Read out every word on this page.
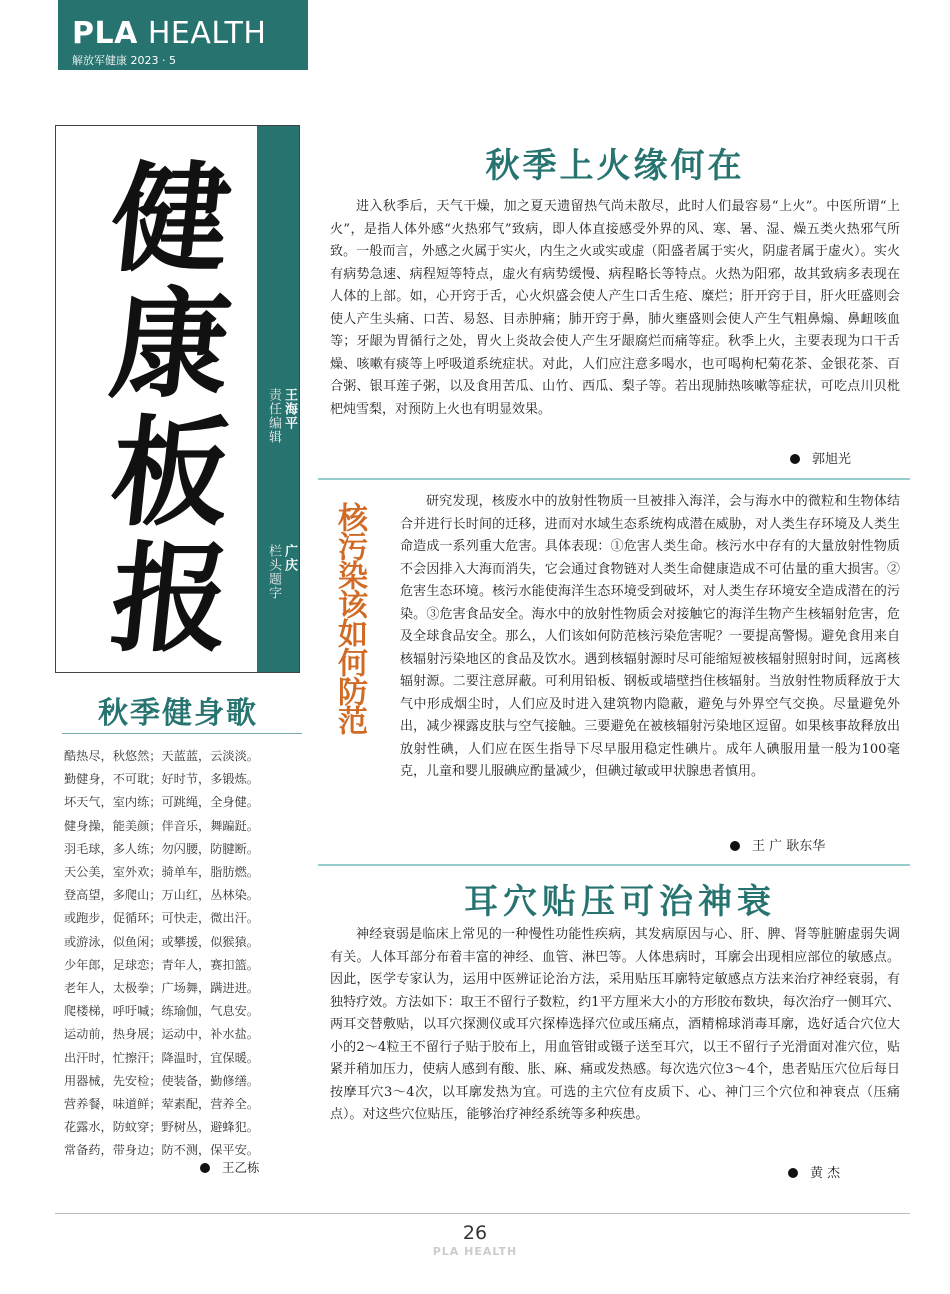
PLA HEALTH
解放军健康 2023 · 5
健
康
板
报
责任编辑 王海平
栏头题字 广庆
秋季健身歌
酷热尽，秋悠然；天蓝蓝，云淡淡。
勤健身，不可耽；好时节，多锻炼。
坏天气，室内练；可跳绳，全身健。
健身操，能美颜；伴音乐，舞蹁跹。
羽毛球，多人练；勿闪腰，防腱断。
天公美，室外欢；骑单车，脂肪燃。
登高望，多爬山；万山红，丛林染。
或跑步，促循环；可快走，微出汗。
或游泳，似鱼闲；或攀援，似猴猿。
少年郎，足球恋；青年人，赛扣篮。
老年人，太极拳；广场舞，蹒进进。
爬楼梯，呼吁喊；练瑜伽，气息安。
运动前，热身展；运动中，补水盐。
出汗时，忙擦汗；降温时，宜保暖。
用器械，先安检；使装备，勤修缮。
营养餐，味道鲜；荤素配，营养全。
花露水，防蚊穿；野树丛，避蜂犯。
常备药，带身边；防不测，保平安。
王乙栋
秋季上火缘何在
进入秋季后，天气干燥，加之夏天遗留热气尚未散尽，此时人们最容易“上火”。中医所谓“上火”，是指人体外感“火热邪气”致病，即人体直接感受外界的风、寒、暑、湿、燥五类火热邪气所致。一般而言，外感之火属于实火，内生之火或实或虚（阳盛者属于实火，阴虚者属于虚火）。实火有病势急速、病程短等特点，虚火有病势缓慢、病程略长等特点。火热为阳邪，故其致病多表现在人体的上部。如，心开窍于舌，心火炽盛会使人产生口舌生疮、糜烂；肝开窍于目，肝火旺盛则会使人产生头痛、口苦、易怒、目赤肿痛；肺开窍于鼻，肺火壅盛则会使人产生气粗鼻煽、鼻衄咳血等；牙龈为胃循行之处，胃火上炎故会使人产生牙龈腐烂而痛等症。秋季上火，主要表现为口干舌燥、咳嗽有痰等上呼吸道系统症状。对此，人们应注意多喝水，也可喝枸杞菊花茶、金银花茶、百合粥、银耳莲子粥，以及食用苦瓜、山竹、西瓜、梨子等。若出现肺热咳嗽等症状，可吃点川贝枇杷炖雪梨，对预防上火也有明显效果。
郭旭光
核污染该如何防范
研究发现，核废水中的放射性物质一旦被排入海洋，会与海水中的微粒和生物体结合并进行长时间的迁移，进而对水域生态系统构成潜在威胁，对人类生存环境及人类生命造成一系列重大危害。具体表现：①危害人类生命。核污水中存有的大量放射性物质不会因排入大海而消失，它会通过食物链对人类生命健康造成不可估量的重大损害。②危害生态环境。核污水能使海洋生态环境受到破坏，对人类生存环境安全造成潜在的污染。③危害食品安全。海水中的放射性物质会对接触它的海洋生物产生核辐射危害，危及全球食品安全。那么，人们该如何防范核污染危害呢？一要提高警惕。避免食用来自核辐射污染地区的食品及饮水。遇到核辐射源时尽可能缩短被核辐射照射时间，远离核辐射源。二要注意屏蔽。可利用铅板、钢板或墙壁挡住核辐射。当放射性物质释放于大气中形成烟尘时，人们应及时进入建筑物内隐蔽，避免与外界空气交换。尽量避免外出，减少裸露皮肤与空气接触。三要避免在被核辐射污染地区逗留。如果核事故释放出放射性碘，人们应在医生指导下尽早服用稳定性碘片。成年人碘服用量一般为100毫克，儿童和婴儿服碘应酌量减少，但碘过敏或甲状腺患者慎用。
王 广 耿东华
耳穴贴压可治神衰
神经衰弱是临床上常见的一种慢性功能性疾病，其发病原因与心、肝、脾、肾等脏腑虚弱失调有关。人体耳部分布着丰富的神经、血管、淋巴等。人体患病时，耳廓会出现相应部位的敏感点。因此，医学专家认为，运用中医辨证论治方法，采用贴压耳廓特定敏感点方法来治疗神经衰弱，有独特疗效。方法如下：取王不留行子数粒，约1平方厘米大小的方形胶布数块，每次治疗一侧耳穴、两耳交替敷贴，以耳穴探测仪或耳穴探棒选择穴位或压痛点，酒精棉球消毒耳廓，选好适合穴位大小的2～4粒王不留行子贴于胶布上，用血管钳或镊子送至耳穴，以王不留行子光滑面对准穴位，贴紧并稍加压力，使病人感到有酸、胀、麻、痛或发热感。每次选穴位3～4个，患者贴压穴位后每日按摩耳穴3～4次，以耳廓发热为宜。可选的主穴位有皮质下、心、神门三个穴位和神衰点（压痛点）。对这些穴位贴压，能够治疗神经系统等多种疾患。
黄 杰
26
PLA HEALTH
